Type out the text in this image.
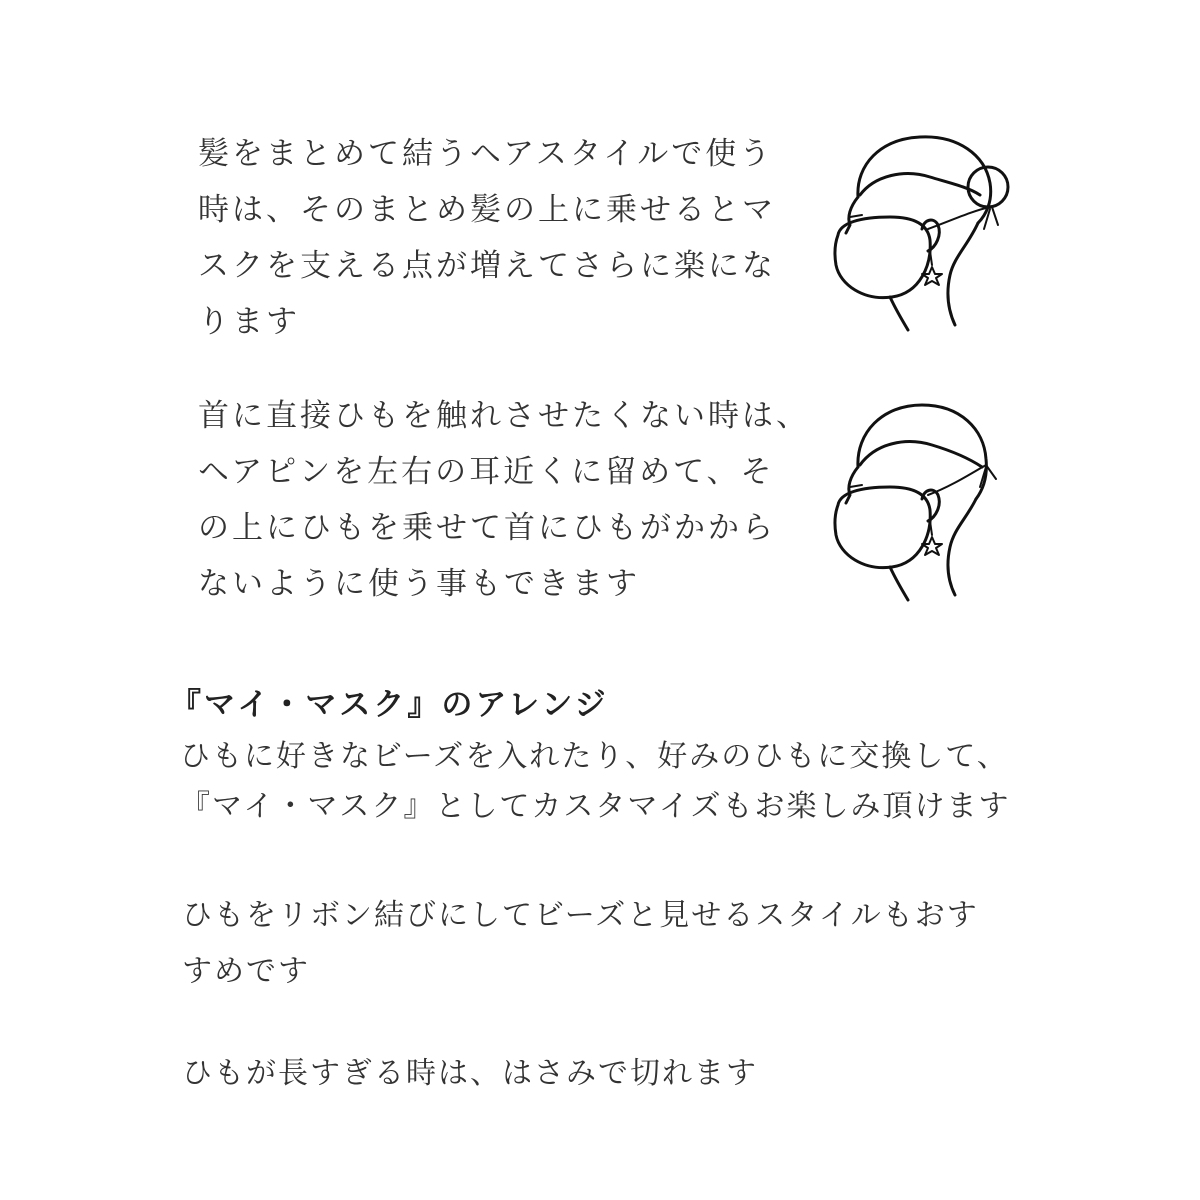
髪をまとめて結うヘアスタイルで使う
時は、そのまとめ髪の上に乗せるとマ
スクを支える点が増えてさらに楽にな
ります
首に直接ひもを触れさせたくない時は、
ヘアピンを左右の耳近くに留めて、そ
の上にひもを乗せて首にひもがかから
ないように使う事もできます
『マイ・マスク』のアレンジ
ひもに好きなビーズを入れたり、好みのひもに交換して、
『マイ・マスク』としてカスタマイズもお楽しみ頂けます
ひもをリボン結びにしてビーズと見せるスタイルもおす
すめです
ひもが長すぎる時は、はさみで切れます
